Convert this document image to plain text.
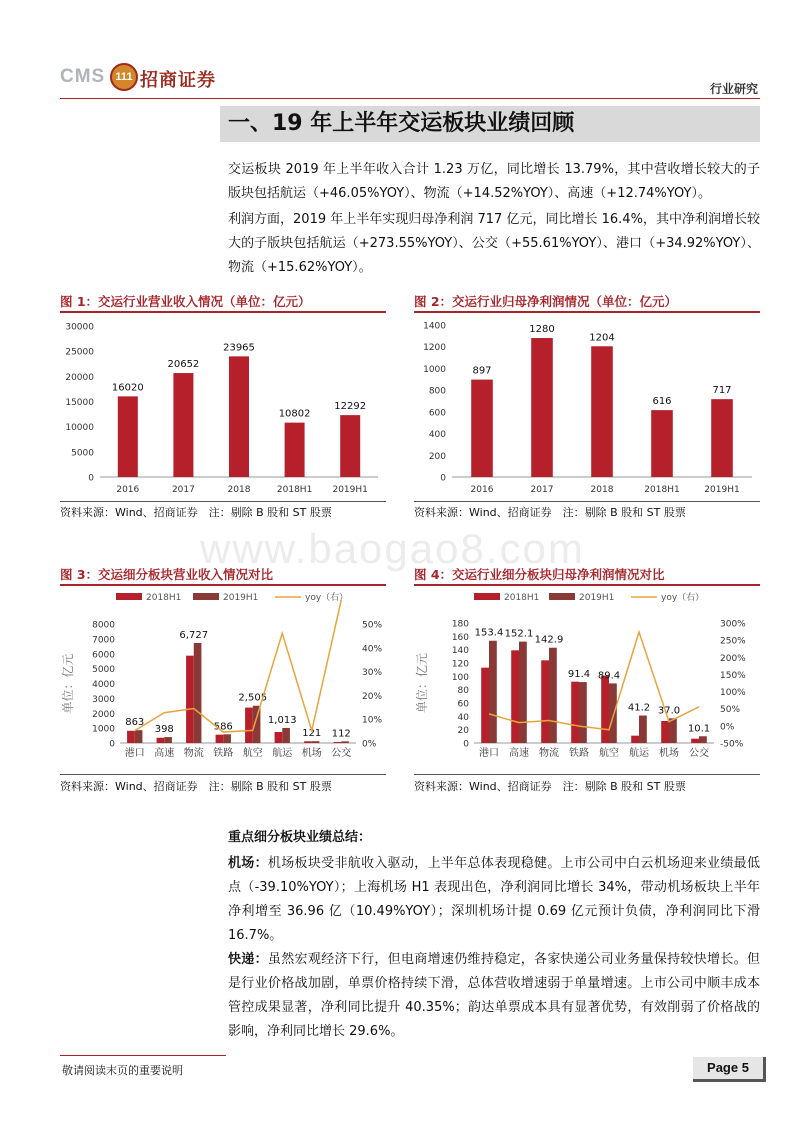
CMS 111 招商证券	行业研究
一、19 年上半年交运板块业绩回顾
交运板块 2019 年上半年收入合计 1.23 万亿，同比增长 13.79%，其中营收增长较大的子版块包括航运（+46.05%YOY）、物流（+14.52%YOY）、高速（+12.74%YOY）。
利润方面，2019 年上半年实现归母净利润 717 亿元，同比增长 16.4%，其中净利润增长较大的子版块包括航运（+273.55%YOY）、公交（+55.61%YOY）、港口（+34.92%YOY）、物流（+15.62%YOY）。
www.baogao8.com
图 1：交运行业营业收入情况（单位：亿元）
0
5000
10000
15000
20000
25000
30000
16020
2016
20652
2017
23965
2018
10802
2018H1
12292
2019H1
资料来源：Wind、招商证券　注：剔除 B 股和 ST 股票
图 2：交运行业归母净利润情况（单位：亿元）
0
200
400
600
800
1000
1200
1400
897
2016
1280
2017
1204
2018
616
2018H1
717
2019H1
资料来源：Wind、招商证券　注：剔除 B 股和 ST 股票
图 3：交运细分板块营业收入情况对比
2018H1	2019H1	yoy（右）
单位：亿元
0
1000
2000
3000
4000
5000
6000
7000
8000
0%
10%
20%
30%
40%
50%
863
港口
398
高速
6,727
物流
586
铁路
2,505
航空
1,013
航运
121
机场
112
公交
资料来源：Wind、招商证券　注：剔除 B 股和 ST 股票
图 4：交运行业细分板块归母净利润情况对比
2018H1	2019H1	yoy（右）
单位：亿元
0
20
40
60
80
100
120
140
160
180
-50%
0%
50%
100%
150%
200%
250%
300%
153.4
港口
152.1
高速
142.9
物流
91.4
铁路
89.4
航空
41.2
航运
37.0
机场
10.1
公交
资料来源：Wind、招商证券　注：剔除 B 股和 ST 股票
重点细分板块业绩总结：
机场：机场板块受非航收入驱动，上半年总体表现稳健。上市公司中白云机场迎来业绩最低点（-39.10%YOY）；上海机场 H1 表现出色，净利润同比增长 34%，带动机场板块上半年净利增至 36.96 亿（10.49%YOY）；深圳机场计提 0.69 亿元预计负债，净利润同比下滑 16.7%。
快递：虽然宏观经济下行，但电商增速仍维持稳定，各家快递公司业务量保持较快增长。但是行业价格战加剧，单票价格持续下滑，总体营收增速弱于单量增速。上市公司中顺丰成本管控成果显著，净利同比提升 40.35%；韵达单票成本具有显著优势，有效削弱了价格战的影响，净利同比增长 29.6%。
敬请阅读末页的重要说明	Page 5
